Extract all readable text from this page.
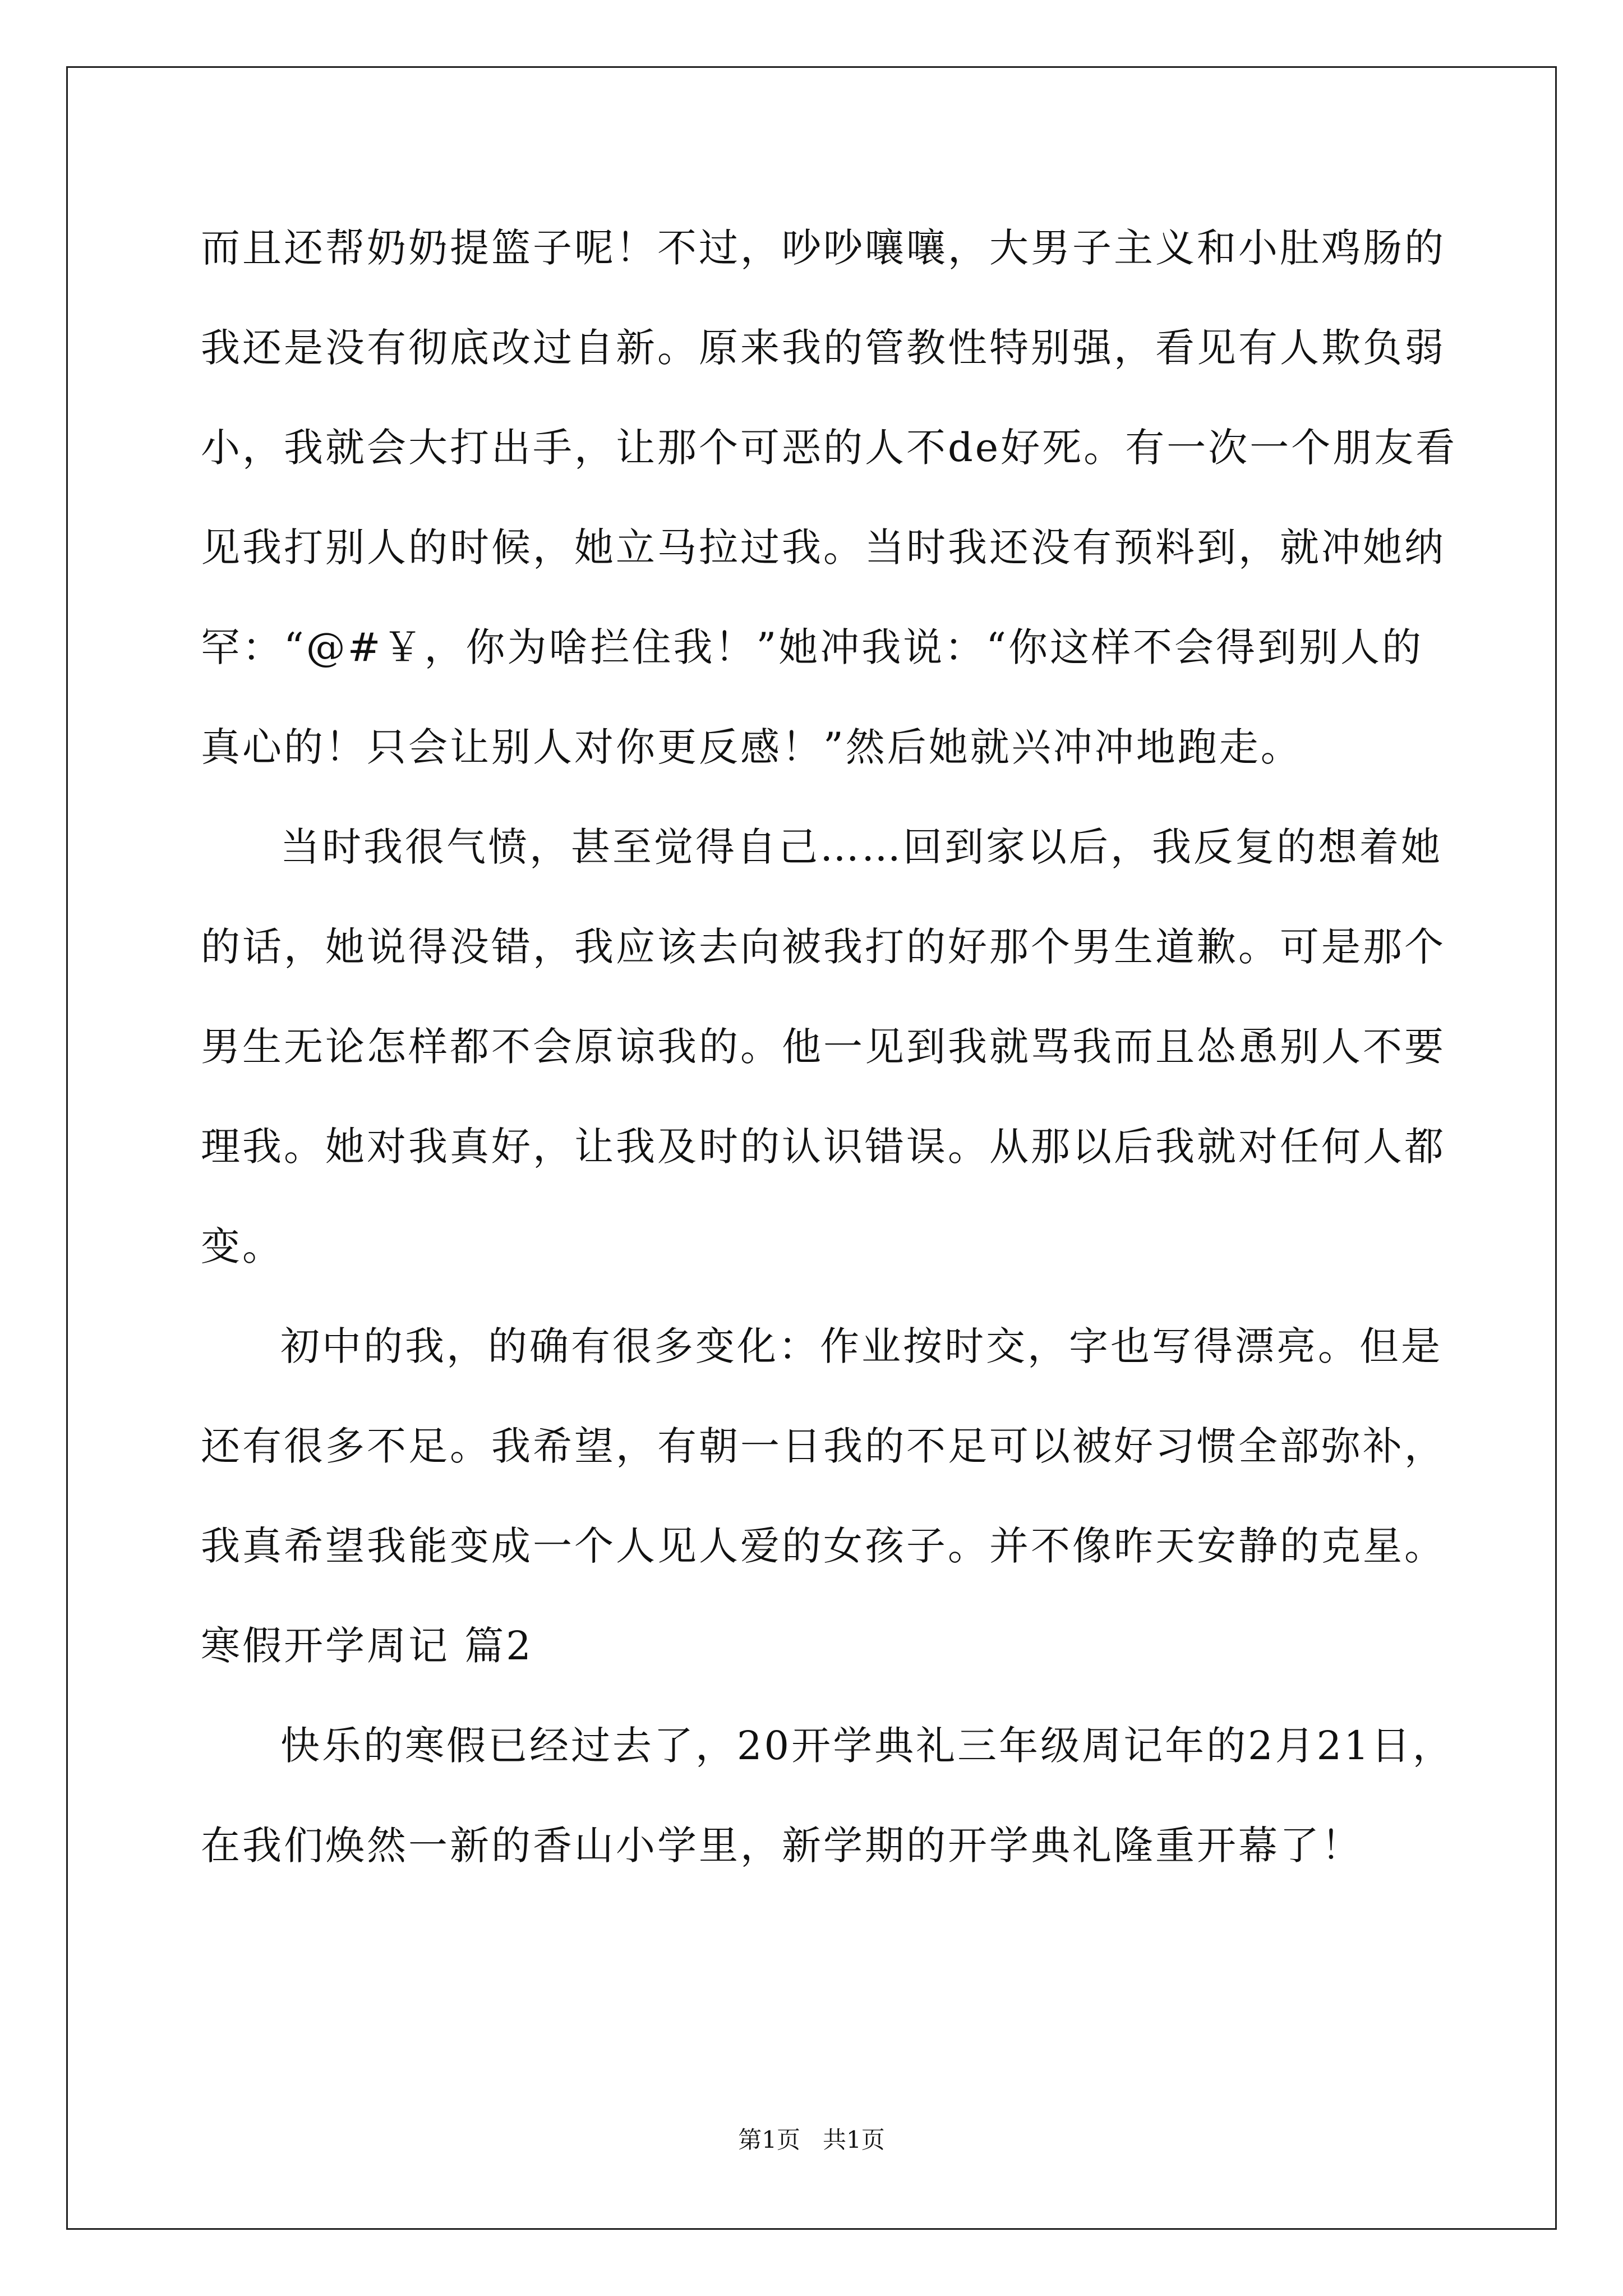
而且还帮奶奶提篮子呢！不过，吵吵嚷嚷，大男子主义和小肚鸡肠的
我还是没有彻底改过自新。原来我的管教性特别强，看见有人欺负弱
小，我就会大打出手，让那个可恶的人不de好死。有一次一个朋友看
见我打别人的时候，她立马拉过我。当时我还没有预料到，就冲她纳
罕：“@#￥，你为啥拦住我！”她冲我说：“你这样不会得到别人的
真心的！只会让别人对你更反感！”然后她就兴冲冲地跑走。
当时我很气愤，甚至觉得自己……回到家以后，我反复的想着她
的话，她说得没错，我应该去向被我打的好那个男生道歉。可是那个
男生无论怎样都不会原谅我的。他一见到我就骂我而且怂恿别人不要
理我。她对我真好，让我及时的认识错误。从那以后我就对任何人都
变。
初中的我，的确有很多变化：作业按时交，字也写得漂亮。但是
还有很多不足。我希望，有朝一日我的不足可以被好习惯全部弥补，
我真希望我能变成一个人见人爱的女孩子。并不像昨天安静的克星。
寒假开学周记 篇2
快乐的寒假已经过去了，20开学典礼三年级周记年的2月21日，
在我们焕然一新的香山小学里，新学期的开学典礼隆重开幕了！
第1页   共1页
